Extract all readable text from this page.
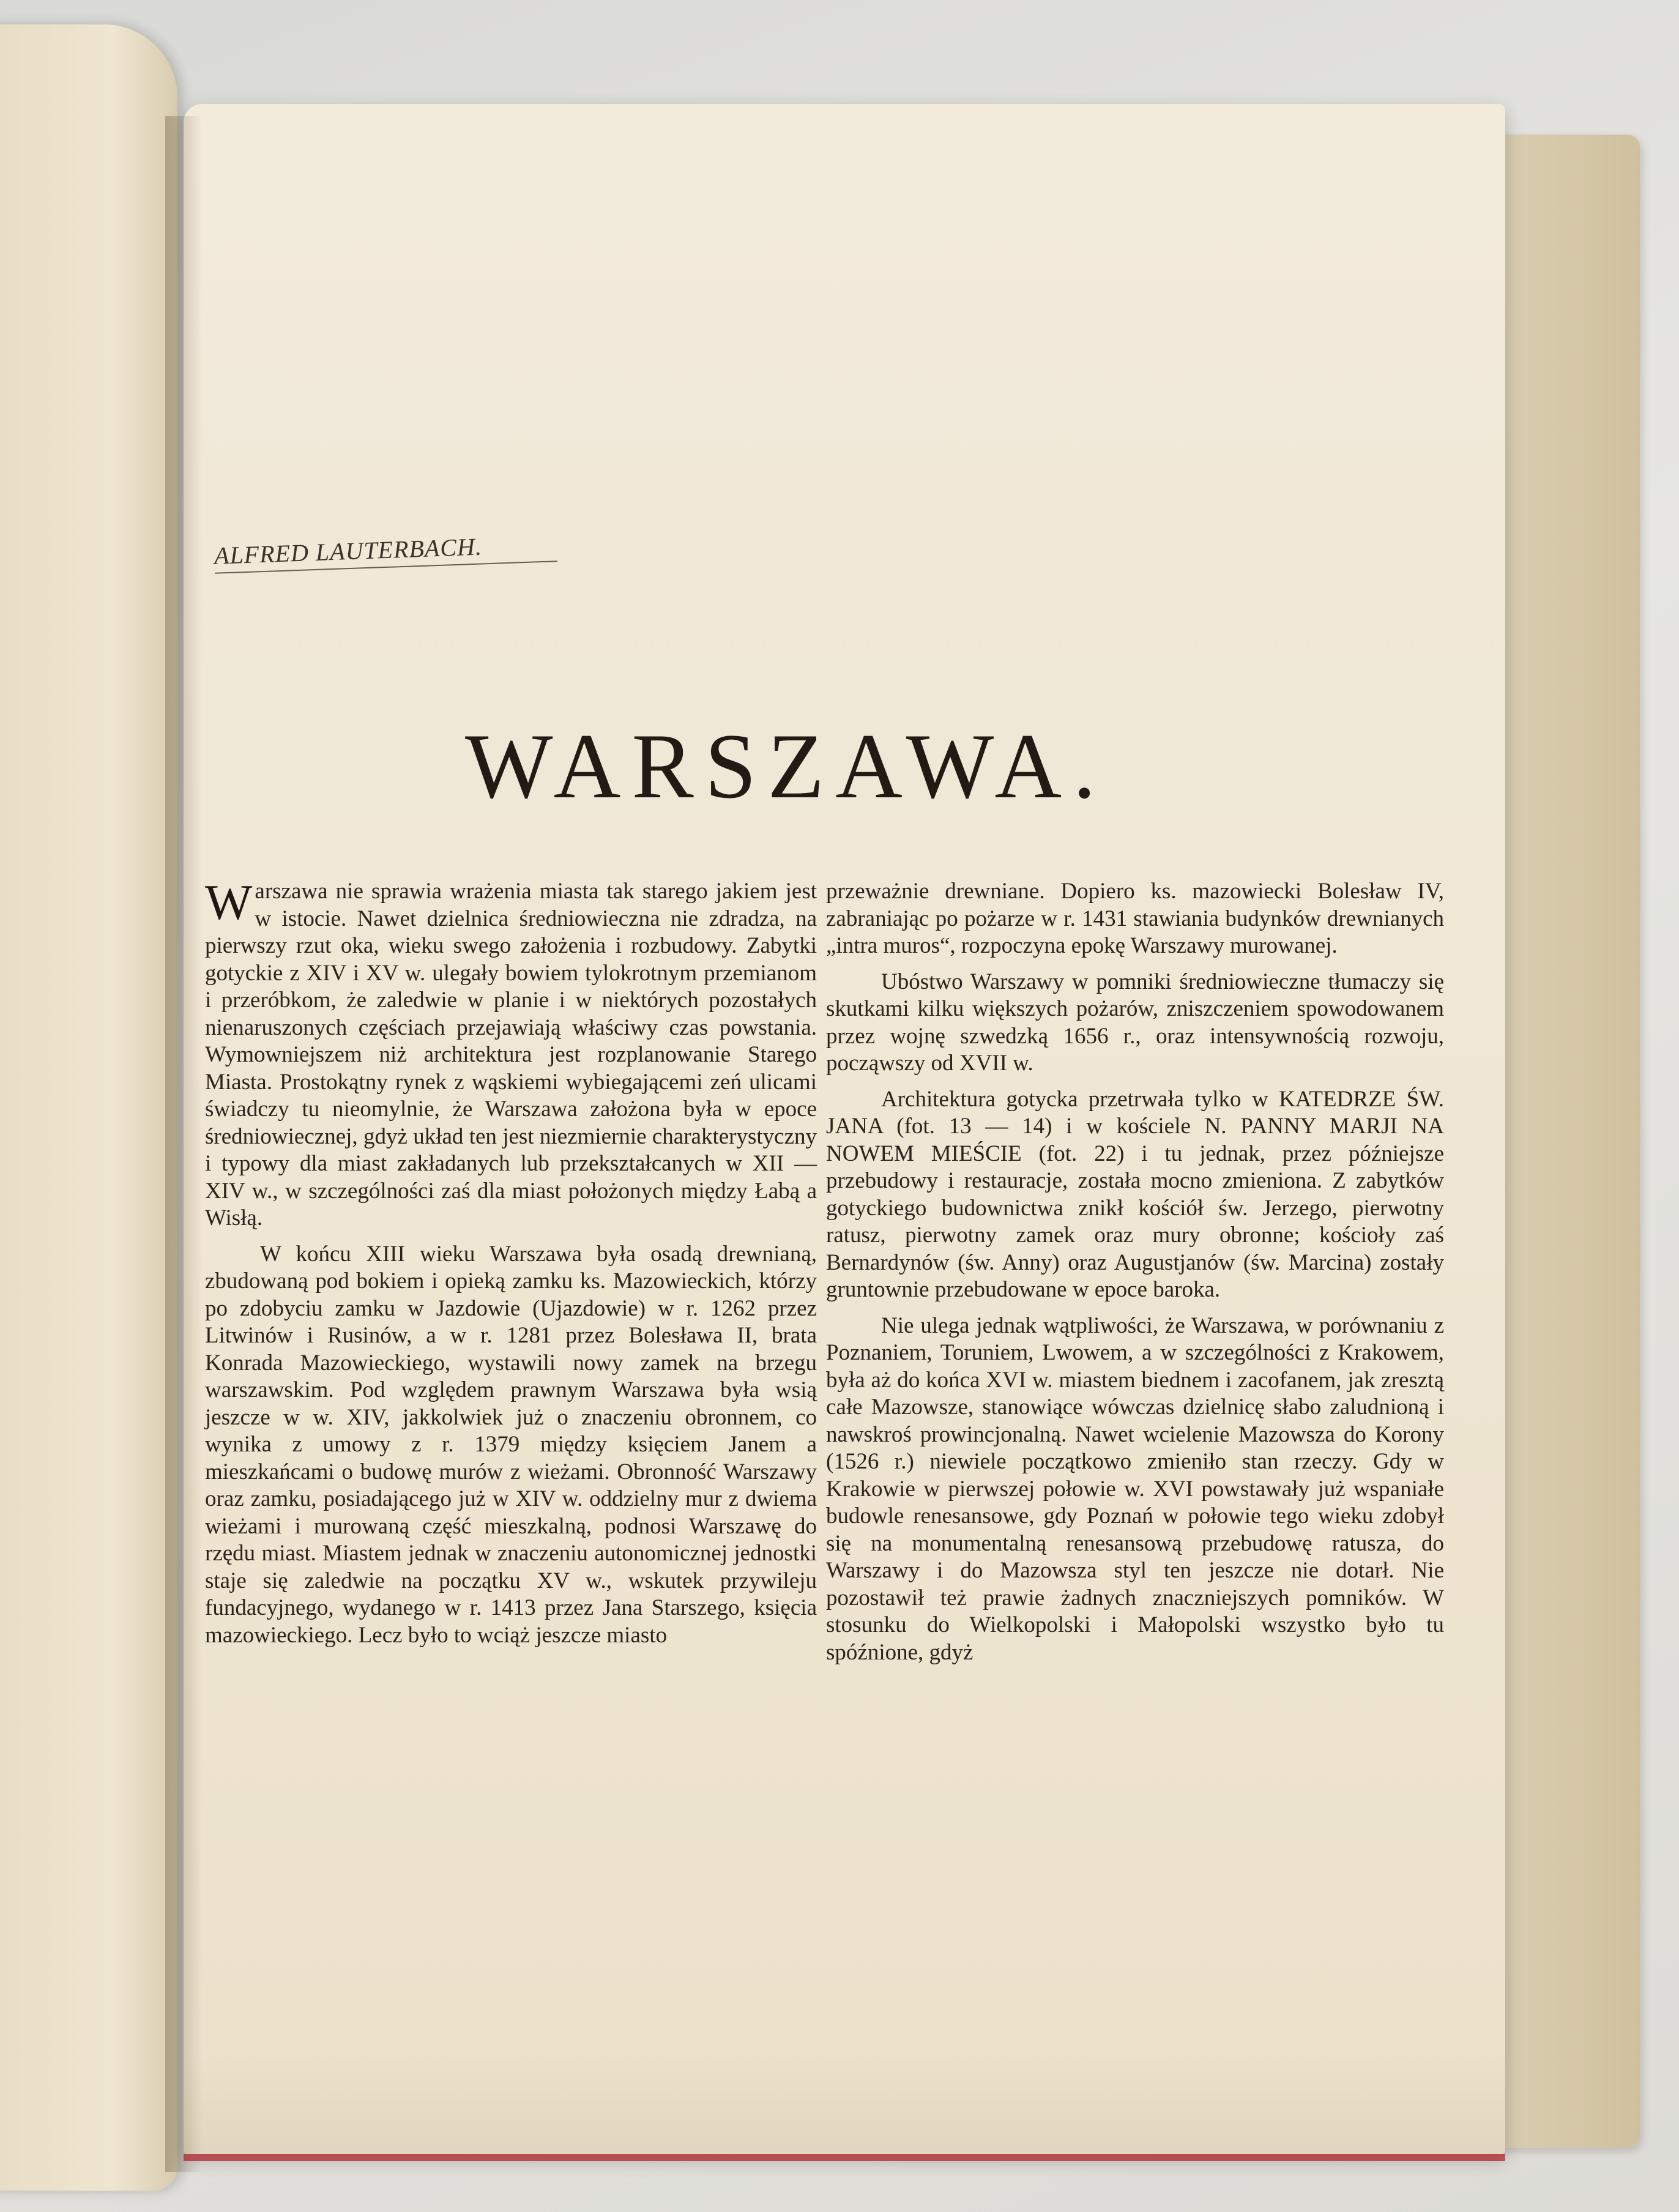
ALFRED LAUTERBACH.
WARSZAWA.

Warszawa nie sprawia wrażenia miasta tak starego jakiem jest w istocie. Nawet dzielnica średniowieczna nie zdradza, na pierwszy rzut oka, wieku swego założenia i rozbudowy. Zabytki gotyckie z XIV i XV w. ulegały bowiem tylokrotnym przemianom i przeróbkom, że zaledwie w planie i w niektórych pozostałych nienaruszonych częściach przejawiają właściwy czas powstania. Wymowniejszem niż architektura jest rozplanowanie Starego Miasta. Prostokątny rynek z wąskiemi wybiegającemi zeń ulicami świadczy tu nieomylnie, że Warszawa założona była w epoce średniowiecznej, gdyż układ ten jest niezmiernie charakterystyczny i typowy dla miast zakładanych lub przekształcanych w XII — XIV w., w szczególności zaś dla miast położonych między Łabą a Wisłą.

W końcu XIII wieku Warszawa była osadą drewnianą, zbudowaną pod bokiem i opieką zamku ks. Mazowieckich, którzy po zdobyciu zamku w Jazdowie (Ujazdowie) w r. 1262 przez Litwinów i Rusinów, a w r. 1281 przez Bolesława II, brata Konrada Mazowieckiego, wystawili nowy zamek na brzegu warszawskim. Pod względem prawnym Warszawa była wsią jeszcze w w. XIV, jakkolwiek już o znaczeniu obronnem, co wynika z umowy z r. 1379 między księciem Janem a mieszkańcami o budowę murów z wieżami. Obronność Warszawy oraz zamku, posiadającego już w XIV w. oddzielny mur z dwiema wieżami i murowaną część mieszkalną, podnosi Warszawę do rzędu miast. Miastem jednak w znaczeniu autonomicznej jednostki staje się zaledwie na początku XV w., wskutek przywileju fundacyjnego, wydanego w r. 1413 przez Jana Starszego, księcia mazowieckiego. Lecz było to wciąż jeszcze miasto

przeważnie drewniane. Dopiero ks. mazowiecki Bolesław IV, zabraniając po pożarze w r. 1431 stawiania budynków drewnianych „intra muros“, rozpoczyna epokę Warszawy murowanej.

Ubóstwo Warszawy w pomniki średniowieczne tłumaczy się skutkami kilku większych pożarów, zniszczeniem spowodowanem przez wojnę szwedzką 1656 r., oraz intensywnością rozwoju, począwszy od XVII w.

Architektura gotycka przetrwała tylko w KATEDRZE ŚW. JANA (fot. 13 — 14) i w kościele N. PANNY MARJI NA NOWEM MIEŚCIE (fot. 22) i tu jednak, przez późniejsze przebudowy i restauracje, została mocno zmieniona. Z zabytków gotyckiego budownictwa znikł kościół św. Jerzego, pierwotny ratusz, pierwotny zamek oraz mury obronne; kościoły zaś Bernardynów (św. Anny) oraz Augustjanów (św. Marcina) zostały gruntownie przebudowane w epoce baroka.

Nie ulega jednak wątpliwości, że Warszawa, w porównaniu z Poznaniem, Toruniem, Lwowem, a w szczególności z Krakowem, była aż do końca XVI w. miastem biednem i zacofanem, jak zresztą całe Mazowsze, stanowiące wówczas dzielnicę słabo zaludnioną i nawskroś prowincjonalną. Nawet wcielenie Mazowsza do Korony (1526 r.) niewiele początkowo zmieniło stan rzeczy. Gdy w Krakowie w pierwszej połowie w. XVI powstawały już wspaniałe budowle renesansowe, gdy Poznań w połowie tego wieku zdobył się na monumentalną renesansową przebudowę ratusza, do Warszawy i do Mazowsza styl ten jeszcze nie dotarł. Nie pozostawił też prawie żadnych znaczniejszych pomników. W stosunku do Wielkopolski i Małopolski wszystko było tu spóźnione, gdyż
